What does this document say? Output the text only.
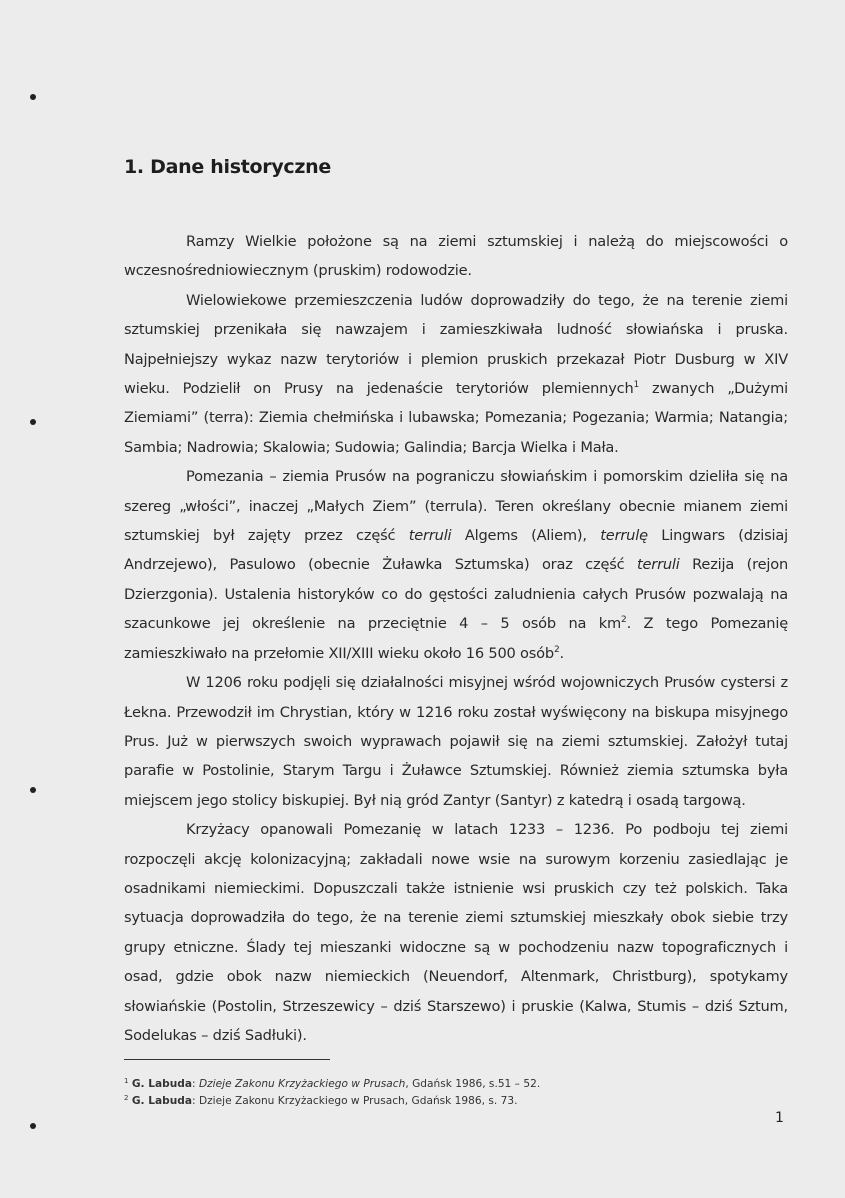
1. Dane historyczne

Ramzy Wielkie położone są na ziemi sztumskiej i należą do miejscowości o wczesnośredniowiecznym (pruskim) rodowodzie.

Wielowiekowe przemieszczenia ludów doprowadziły do tego, że na terenie ziemi sztumskiej przenikała się nawzajem i zamieszkiwała ludność słowiańska i pruska. Najpełniejszy wykaz nazw terytoriów i plemion pruskich przekazał Piotr Dusburg w XIV wieku. Podzielił on Prusy na jedenaście terytoriów plemiennych$^1$ zwanych „Dużymi Ziemiami” (terra): Ziemia chełmińska i lubawska; Pomezania; Pogezania; Warmia; Natangia; Sambia; Nadrowia; Skalowia; Sudowia; Galindia; Barcja Wielka i Mała.

Pomezania – ziemia Prusów na pograniczu słowiańskim i pomorskim dzieliła się na szereg „włości”, inaczej „Małych Ziem” (terrula). Teren określany obecnie mianem ziemi sztumskiej był zajęty przez część terruli Algems (Aliem), terrulę Lingwars (dzisiaj Andrzejewo), Pasulowo (obecnie Żuławka Sztumska) oraz część terruli Rezija (rejon Dzierzgonia). Ustalenia historyków co do gęstości zaludnienia całych Prusów pozwalają na szacunkowe jej określenie na przeciętnie 4 – 5 osób na $km^2$. Z tego Pomezanię zamieszkiwało na przełomie XII/XIII wieku około 16 500 osób$^2$.

W 1206 roku podjęli się działalności misyjnej wśród wojowniczych Prusów cystersi z Łekna. Przewodził im Chrystian, który w 1216 roku został wyświęcony na biskupa misyjnego Prus. Już w pierwszych swoich wyprawach pojawił się na ziemi sztumskiej. Założył tutaj parafie w Postolinie, Starym Targu i Żuławce Sztumskiej. Również ziemia sztumska była miejscem jego stolicy biskupiej. Był nią gród Zantyr (Santyr) z katedrą i osadą targową.

Krzyżacy opanowali Pomezanię w latach 1233 – 1236. Po podboju tej ziemi rozpoczęli akcję kolonizacyjną; zakładali nowe wsie na surowym korzeniu zasiedlając je osadnikami niemieckimi. Dopuszczali także istnienie wsi pruskich czy też polskich. Taka sytuacja doprowadziła do tego, że na terenie ziemi sztumskiej mieszkały obok siebie trzy grupy etniczne. Ślady tej mieszanki widoczne są w pochodzeniu nazw topograficznych i osad, gdzie obok nazw niemieckich (Neuendorf, Altenmark, Christburg), spotykamy słowiańskie (Postolin, Strzeszewicy – dziś Starszewo) i pruskie (Kalwa, Stumis – dziś Sztum, Sodelukas – dziś Sadłuki).

$^1$ G. Labuda: Dzieje Zakonu Krzyżackiego w Prusach, Gdańsk 1986, s.51 – 52.
$^2$ G. Labuda: Dzieje Zakonu Krzyżackiego w Prusach, Gdańsk 1986, s. 73.
1
